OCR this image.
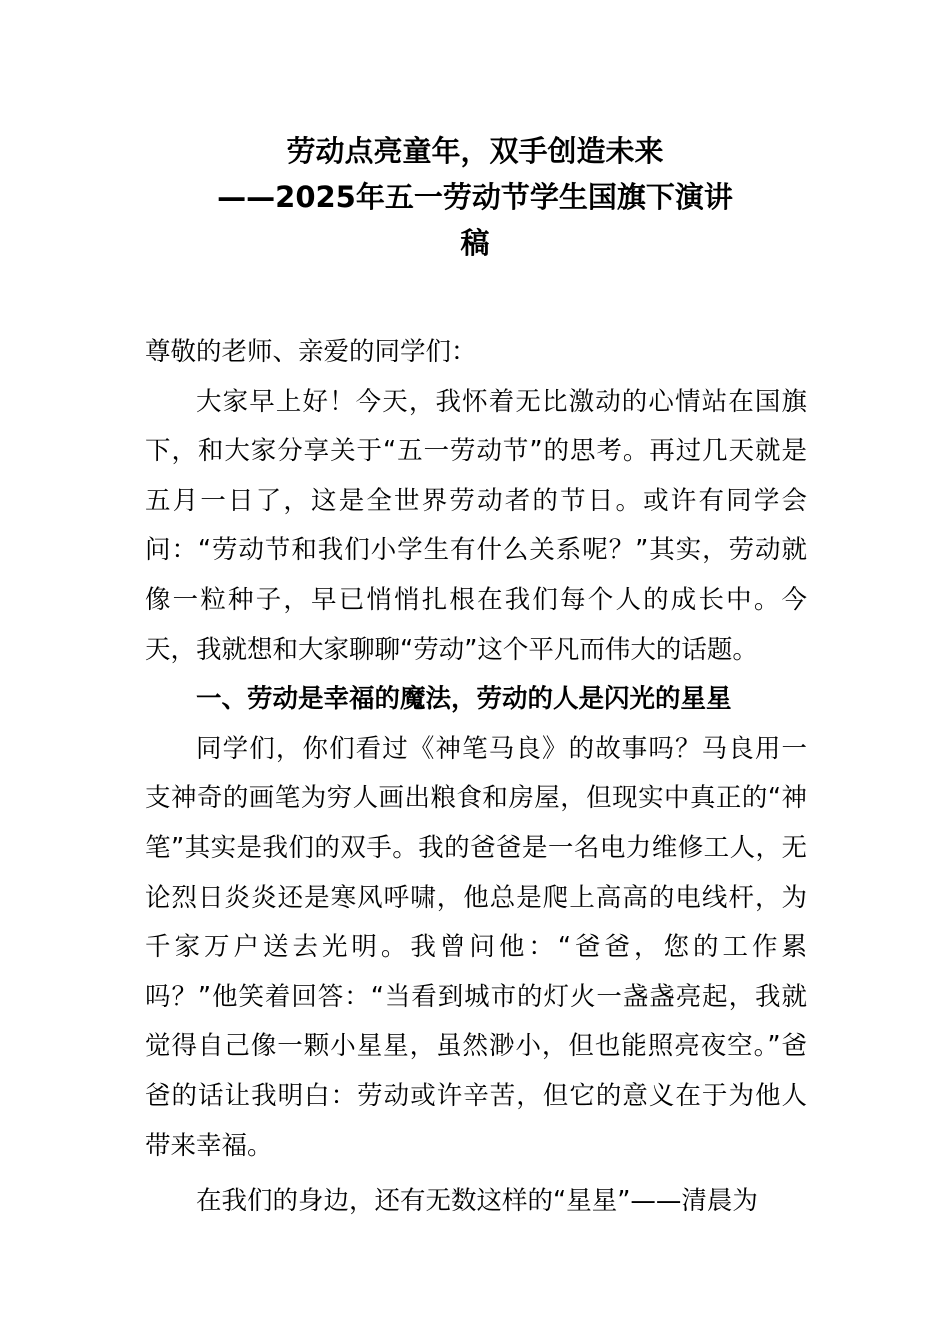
劳动点亮童年，双手创造未来
——2025年五一劳动节学生国旗下演讲
稿

尊敬的老师、亲爱的同学们：

大家早上好！今天，我怀着无比激动的心情站在国旗下，和大家分享关于“五一劳动节”的思考。再过几天就是五月一日了，这是全世界劳动者的节日。或许有同学会问：“劳动节和我们小学生有什么关系呢？”其实，劳动就像一粒种子，早已悄悄扎根在我们每个人的成长中。今天，我就想和大家聊聊“劳动”这个平凡而伟大的话题。

一、劳动是幸福的魔法，劳动的人是闪光的星星

同学们，你们看过《神笔马良》的故事吗？马良用一支神奇的画笔为穷人画出粮食和房屋，但现实中真正的“神笔”其实是我们的双手。我的爸爸是一名电力维修工人，无论烈日炎炎还是寒风呼啸，他总是爬上高高的电线杆，为千家万户送去光明。我曾问他：“爸爸，您的工作累吗？”他笑着回答：“当看到城市的灯火一盏盏亮起，我就觉得自己像一颗小星星，虽然渺小，但也能照亮夜空。”爸爸的话让我明白：劳动或许辛苦，但它的意义在于为他人带来幸福。

在我们的身边，还有无数这样的“星星”——清晨为
